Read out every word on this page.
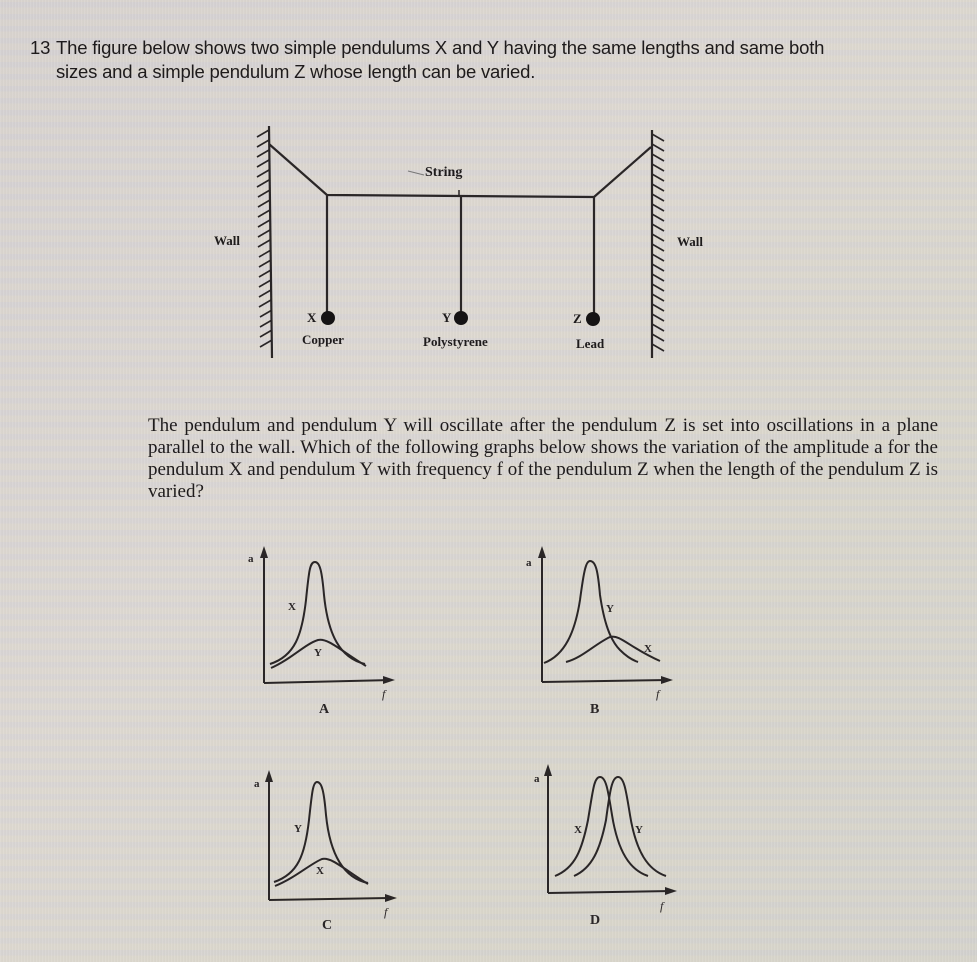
13 The figure below shows two simple pendulums X and Y having the same lengths and same both
sizes and a simple pendulum Z whose length can be varied.
Wall	Wall
String
X
Copper
Y
Polystyrene
Z
Lead
The pendulum and pendulum Y will oscillate after the pendulum Z is set into oscillations in a plane parallel to the wall. Which of the following graphs below shows the variation of the amplitude a for the pendulum X and pendulum Y with frequency f of the pendulum Z when the length of the pendulum Z is varied?
a
f
X
Y
A
a
f
Y
X
B
a
f
Y
X
C
a
f
X	Y
D
